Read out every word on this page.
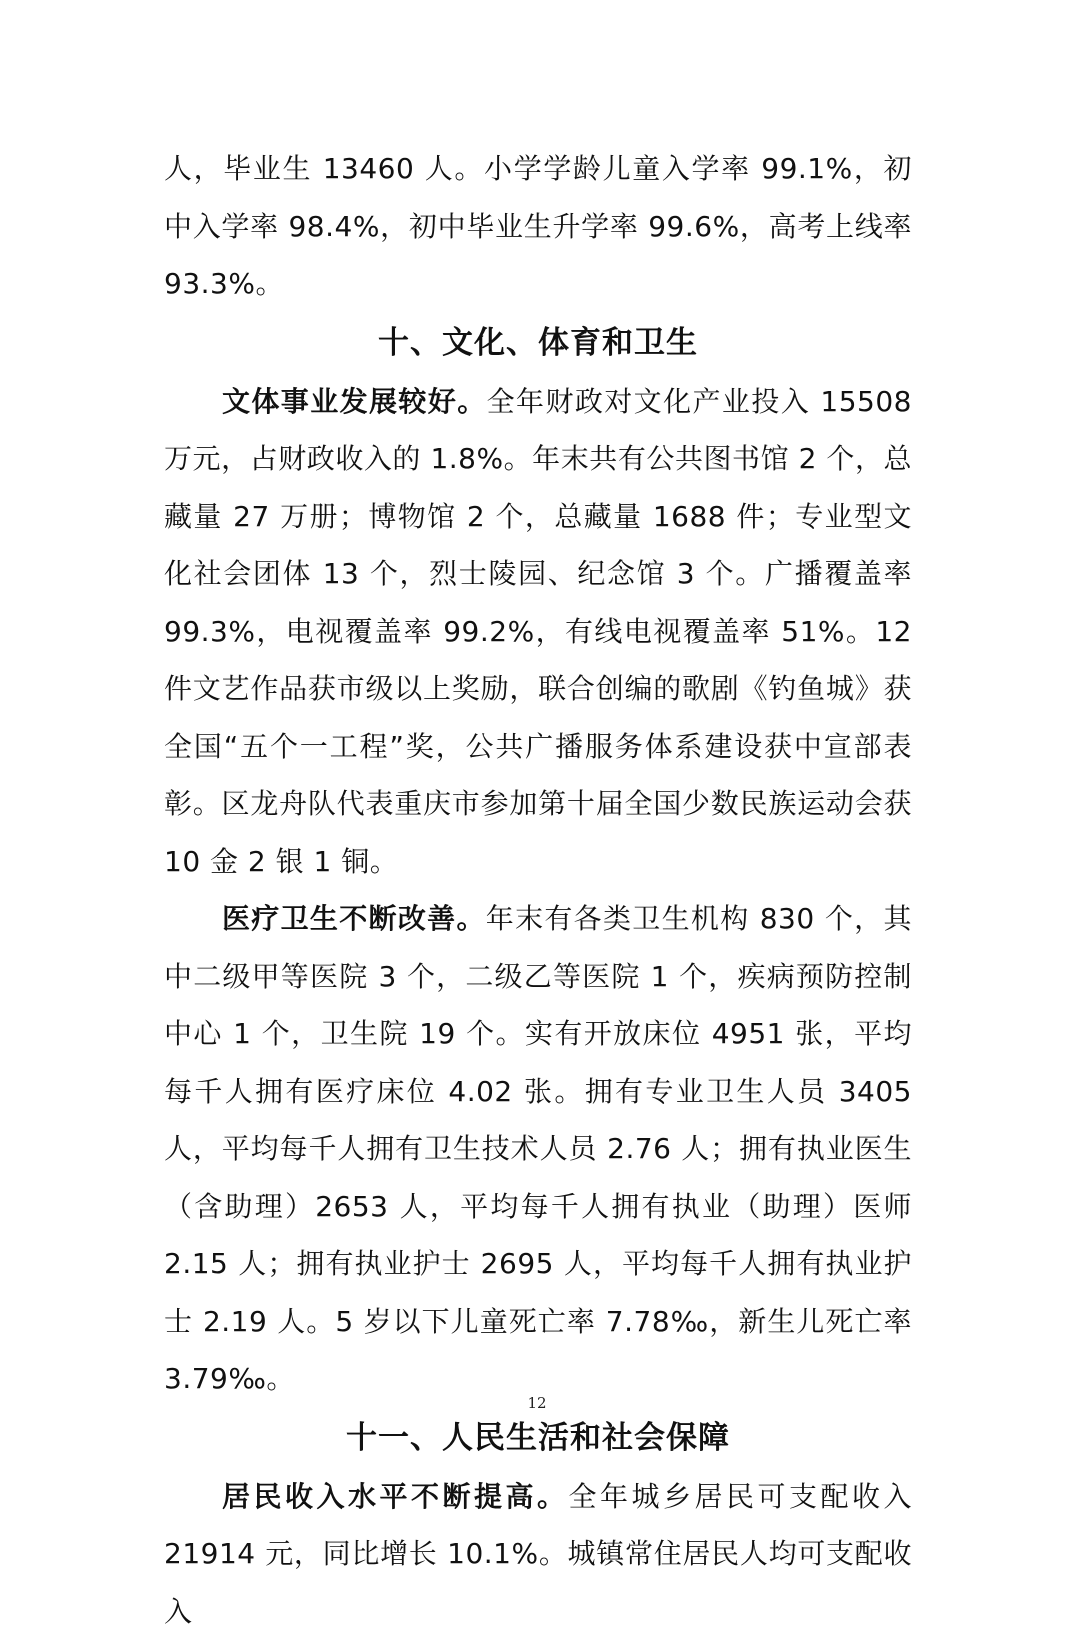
人，毕业生 13460 人。小学学龄儿童入学率 99.1%，初中入学率 98.4%，初中毕业生升学率 99.6%，高考上线率 93.3%。

十、文化、体育和卫生

文体事业发展较好。全年财政对文化产业投入 15508 万元，占财政收入的 1.8%。年末共有公共图书馆 2 个，总藏量 27 万册；博物馆 2 个，总藏量 1688 件；专业型文化社会团体 13 个，烈士陵园、纪念馆 3 个。广播覆盖率 99.3%，电视覆盖率 99.2%，有线电视覆盖率 51%。12 件文艺作品获市级以上奖励，联合创编的歌剧《钓鱼城》获全国“五个一工程”奖，公共广播服务体系建设获中宣部表彰。区龙舟队代表重庆市参加第十届全国少数民族运动会获 10 金 2 银 1 铜。

医疗卫生不断改善。年末有各类卫生机构 830 个，其中二级甲等医院 3 个，二级乙等医院 1 个，疾病预防控制中心 1 个，卫生院 19 个。实有开放床位 4951 张，平均每千人拥有医疗床位 4.02 张。拥有专业卫生人员 3405 人，平均每千人拥有卫生技术人员 2.76 人；拥有执业医生（含助理）2653 人，平均每千人拥有执业（助理）医师 2.15 人；拥有执业护士 2695 人，平均每千人拥有执业护士 2.19 人。5 岁以下儿童死亡率 7.78‰，新生儿死亡率 3.79‰。

十一、人民生活和社会保障

居民收入水平不断提高。全年城乡居民可支配收入 21914 元，同比增长 10.1%。城镇常住居民人均可支配收入

12
